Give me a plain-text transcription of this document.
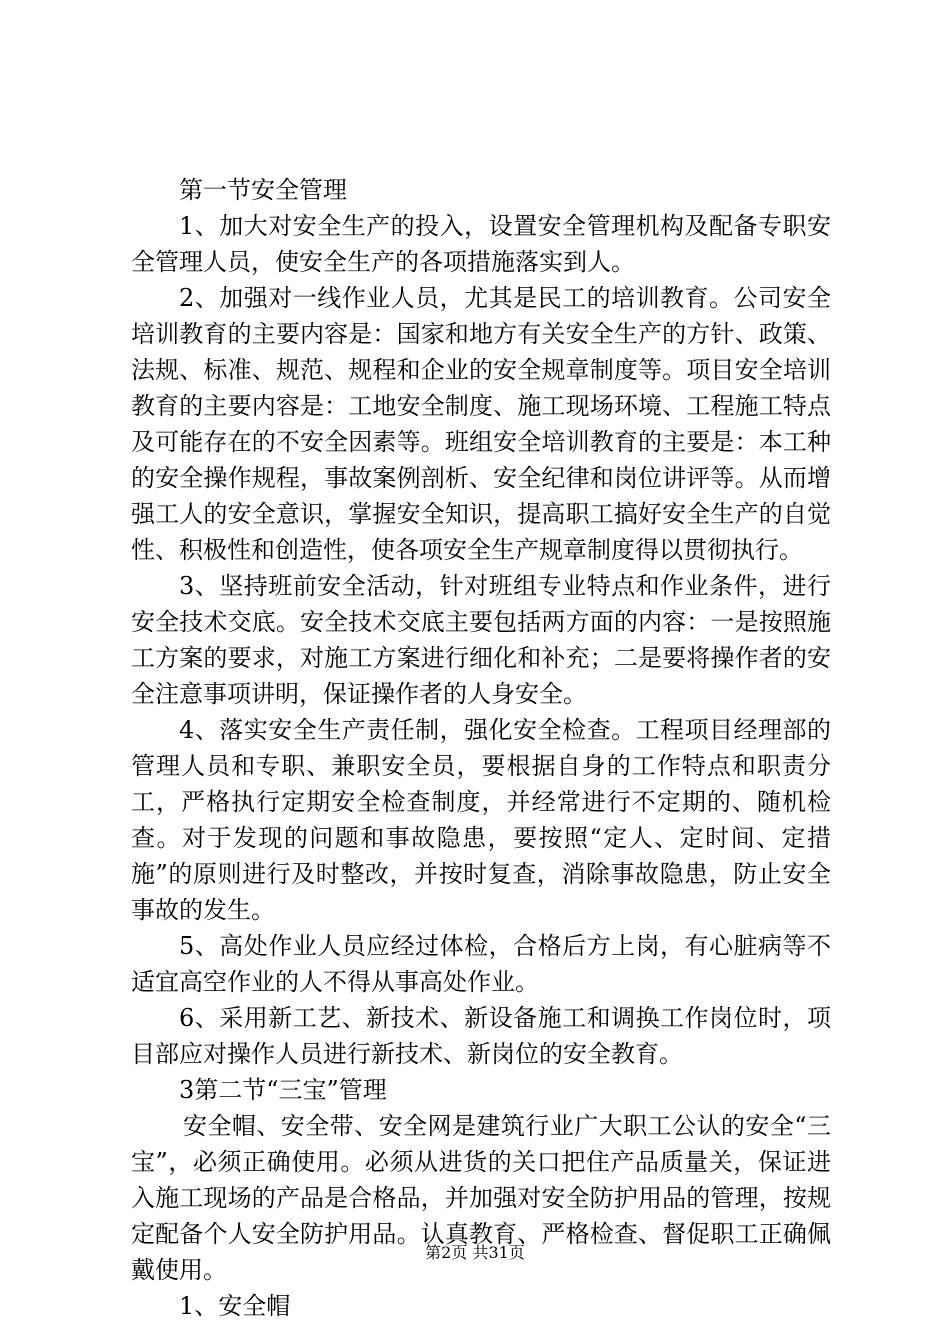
第一节安全管理

1、加大对安全生产的投入，设置安全管理机构及配备专职安全管理人员，使安全生产的各项措施落实到人。

2、加强对一线作业人员，尤其是民工的培训教育。公司安全培训教育的主要内容是：国家和地方有关安全生产的方针、政策、法规、标准、规范、规程和企业的安全规章制度等。项目安全培训教育的主要内容是：工地安全制度、施工现场环境、工程施工特点及可能存在的不安全因素等。班组安全培训教育的主要是：本工种的安全操作规程，事故案例剖析、安全纪律和岗位讲评等。从而增强工人的安全意识，掌握安全知识，提高职工搞好安全生产的自觉性、积极性和创造性，使各项安全生产规章制度得以贯彻执行。

3、坚持班前安全活动，针对班组专业特点和作业条件，进行安全技术交底。安全技术交底主要包括两方面的内容：一是按照施工方案的要求，对施工方案进行细化和补充；二是要将操作者的安全注意事项讲明，保证操作者的人身安全。

4、落实安全生产责任制，强化安全检查。工程项目经理部的管理人员和专职、兼职安全员，要根据自身的工作特点和职责分工，严格执行定期安全检查制度，并经常进行不定期的、随机检查。对于发现的问题和事故隐患，要按照“定人、定时间、定措施”的原则进行及时整改，并按时复查，消除事故隐患，防止安全事故的发生。

5、高处作业人员应经过体检，合格后方上岗，有心脏病等不适宜高空作业的人不得从事高处作业。

6、采用新工艺、新技术、新设备施工和调换工作岗位时，项目部应对操作人员进行新技术、新岗位的安全教育。

3第二节“三宝”管理

安全帽、安全带、安全网是建筑行业广大职工公认的安全“三宝”，必须正确使用。必须从进货的关口把住产品质量关，保证进入施工现场的产品是合格品，并加强对安全防护用品的管理，按规定配备个人安全防护用品。认真教育、严格检查、督促职工正确佩戴使用。

1、安全帽

第2页 共31页
